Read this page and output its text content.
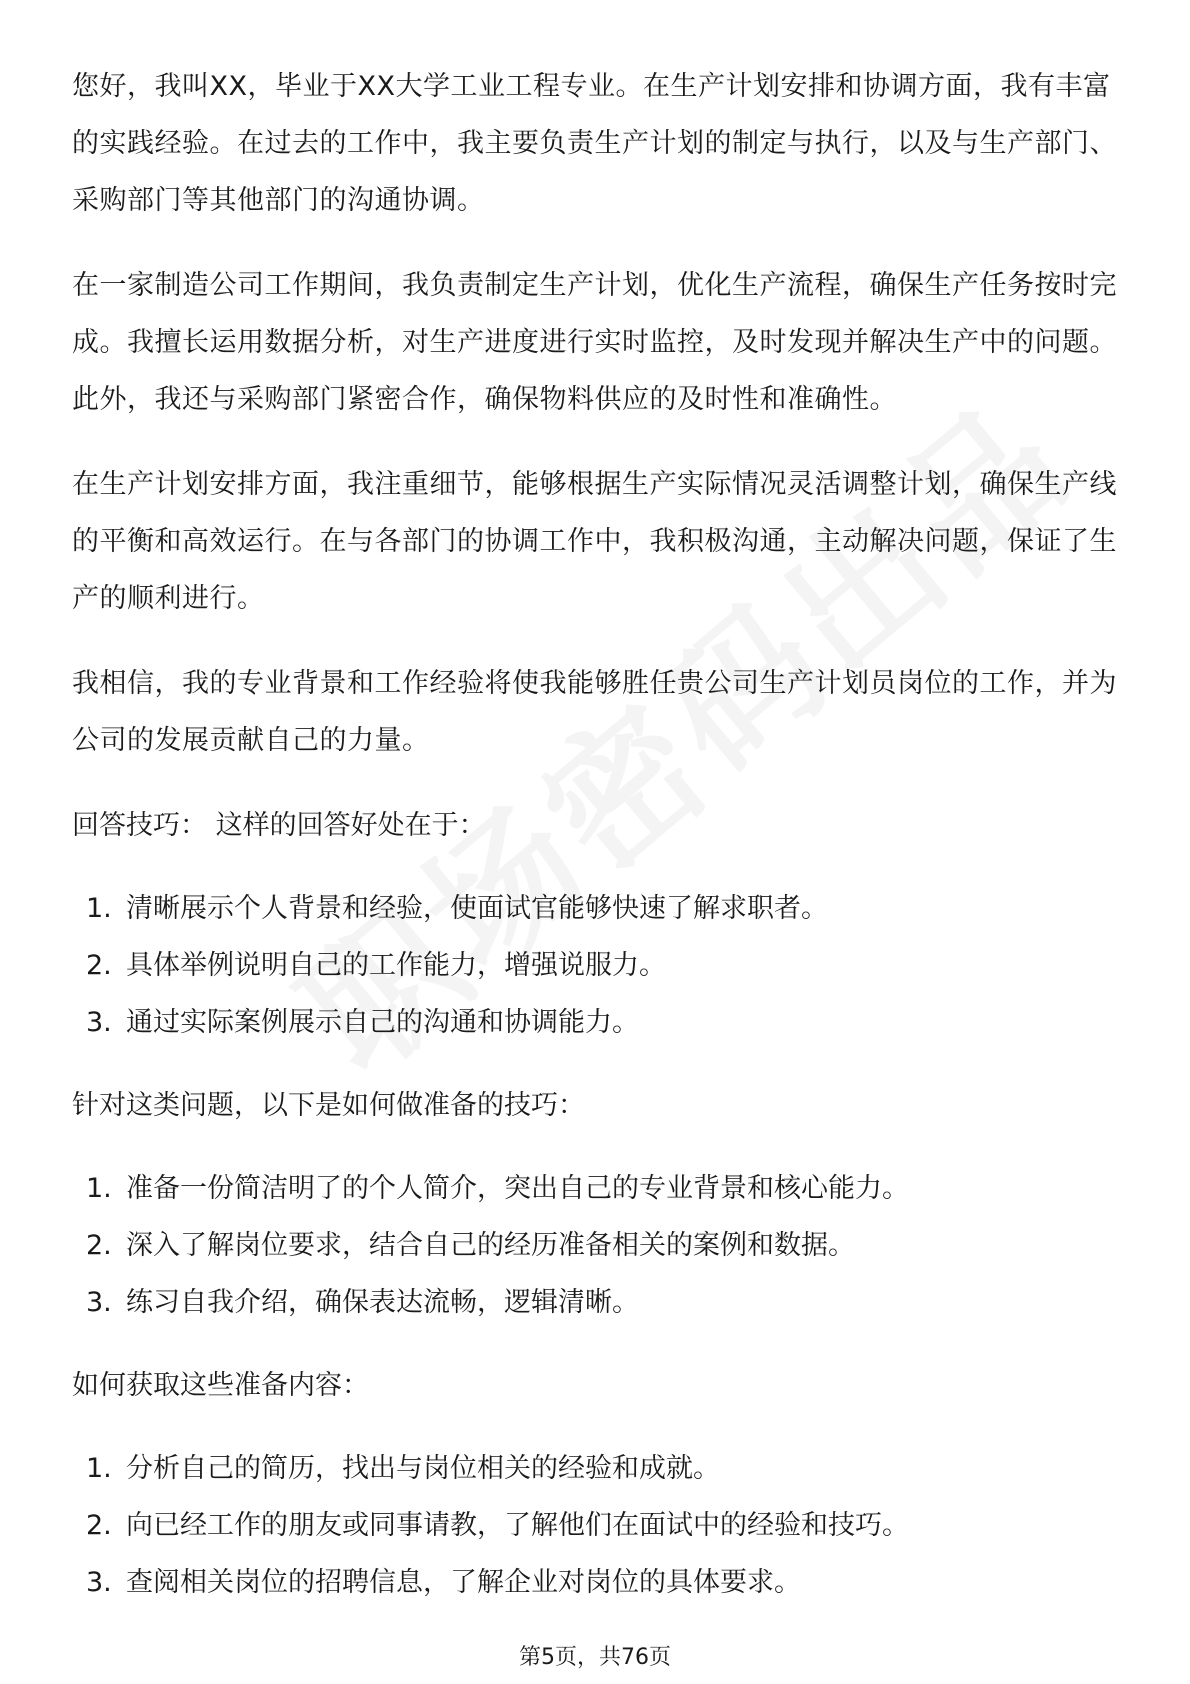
您好，我叫XX，毕业于XX大学工业工程专业。在生产计划安排和协调方面，我有丰富的实践经验。在过去的工作中，我主要负责生产计划的制定与执行，以及与生产部门、采购部门等其他部门的沟通协调。

在一家制造公司工作期间，我负责制定生产计划，优化生产流程，确保生产任务按时完成。我擅长运用数据分析，对生产进度进行实时监控，及时发现并解决生产中的问题。此外，我还与采购部门紧密合作，确保物料供应的及时性和准确性。

在生产计划安排方面，我注重细节，能够根据生产实际情况灵活调整计划，确保生产线的平衡和高效运行。在与各部门的协调工作中，我积极沟通，主动解决问题，保证了生产的顺利进行。

我相信，我的专业背景和工作经验将使我能够胜任贵公司生产计划员岗位的工作，并为公司的发展贡献自己的力量。

回答技巧： 这样的回答好处在于：

1. 清晰展示个人背景和经验，使面试官能够快速了解求职者。
2. 具体举例说明自己的工作能力，增强说服力。
3. 通过实际案例展示自己的沟通和协调能力。

针对这类问题，以下是如何做准备的技巧：

1. 准备一份简洁明了的个人简介，突出自己的专业背景和核心能力。
2. 深入了解岗位要求，结合自己的经历准备相关的案例和数据。
3. 练习自我介绍，确保表达流畅，逻辑清晰。

如何获取这些准备内容：

1. 分析自己的简历，找出与岗位相关的经验和成就。
2. 向已经工作的朋友或同事请教，了解他们在面试中的经验和技巧。
3. 查阅相关岗位的招聘信息，了解企业对岗位的具体要求。
第5页，共76页
